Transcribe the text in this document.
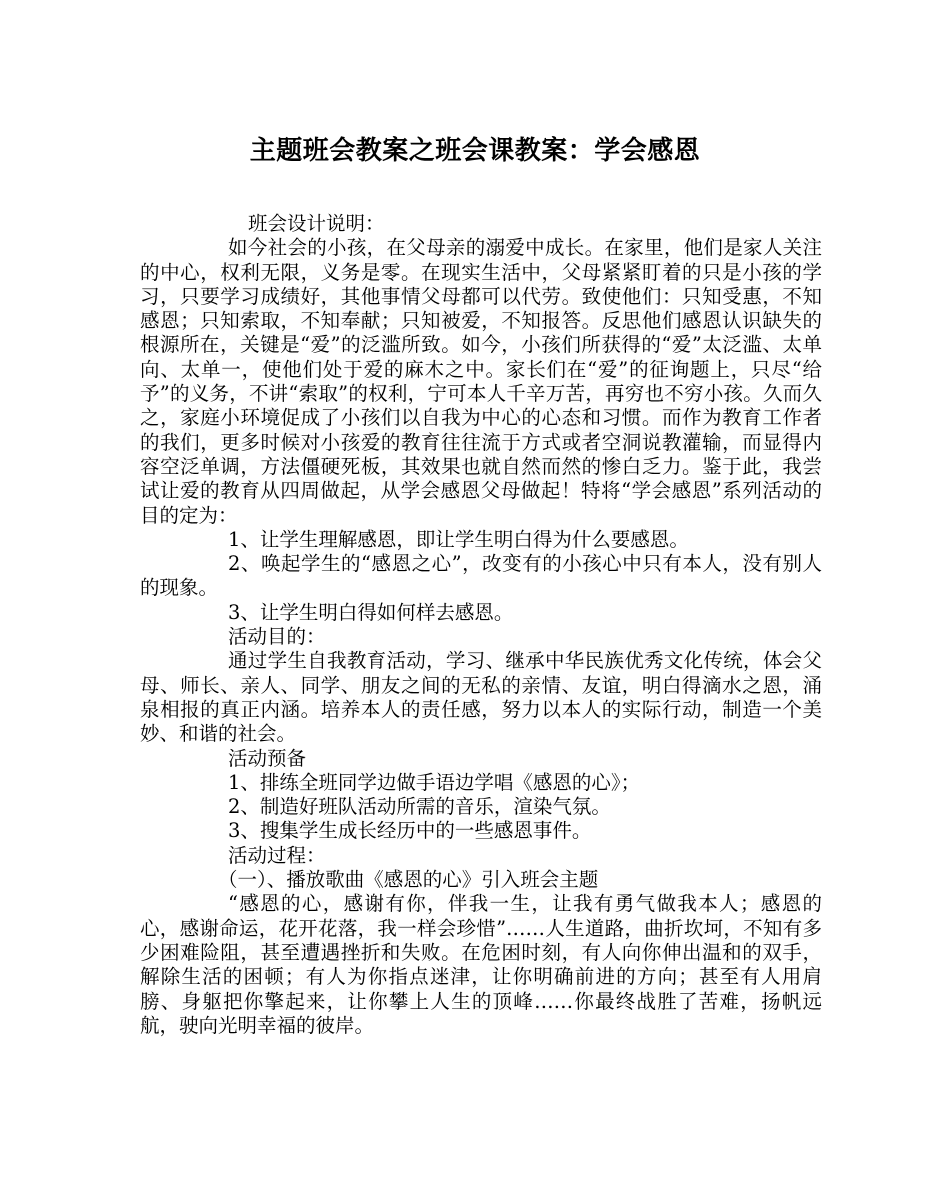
主题班会教案之班会课教案：学会感恩

班会设计说明：

如今社会的小孩，在父母亲的溺爱中成长。在家里，他们是家人关注的中心，权利无限，义务是零。在现实生活中，父母紧紧盯着的只是小孩的学习，只要学习成绩好，其他事情父母都可以代劳。致使他们：只知受惠，不知感恩；只知索取，不知奉献；只知被爱，不知报答。反思他们感恩认识缺失的根源所在，关键是“爱”的泛滥所致。如今，小孩们所获得的“爱”太泛滥、太单向、太单一，使他们处于爱的麻木之中。家长们在“爱”的征询题上，只尽“给予”的义务，不讲“索取”的权利，宁可本人千辛万苦，再穷也不穷小孩。久而久之，家庭小环境促成了小孩们以自我为中心的心态和习惯。而作为教育工作者的我们，更多时候对小孩爱的教育往往流于方式或者空洞说教灌输，而显得内容空泛单调，方法僵硬死板，其效果也就自然而然的惨白乏力。鉴于此，我尝试让爱的教育从四周做起，从学会感恩父母做起！特将“学会感恩”系列活动的目的定为：

1、让学生理解感恩，即让学生明白得为什么要感恩。

2、唤起学生的“感恩之心”，改变有的小孩心中只有本人，没有别人的现象。

3、让学生明白得如何样去感恩。

活动目的：

通过学生自我教育活动，学习、继承中华民族优秀文化传统，体会父母、师长、亲人、同学、朋友之间的无私的亲情、友谊，明白得滴水之恩，涌泉相报的真正内涵。培养本人的责任感，努力以本人的实际行动，制造一个美妙、和谐的社会。

活动预备

1、排练全班同学边做手语边学唱《感恩的心》；

2、制造好班队活动所需的音乐，渲染气氛。

3、搜集学生成长经历中的一些感恩事件。

活动过程：

（一）、播放歌曲《感恩的心》引入班会主题

“感恩的心，感谢有你，伴我一生，让我有勇气做我本人；感恩的心，感谢命运，花开花落，我一样会珍惜”……人生道路，曲折坎坷，不知有多少困难险阻，甚至遭遇挫折和失败。在危困时刻，有人向你伸出温和的双手，解除生活的困顿；有人为你指点迷津，让你明确前进的方向；甚至有人用肩膀、身躯把你擎起来，让你攀上人生的顶峰……你最终战胜了苦难，扬帆远航，驶向光明幸福的彼岸。
